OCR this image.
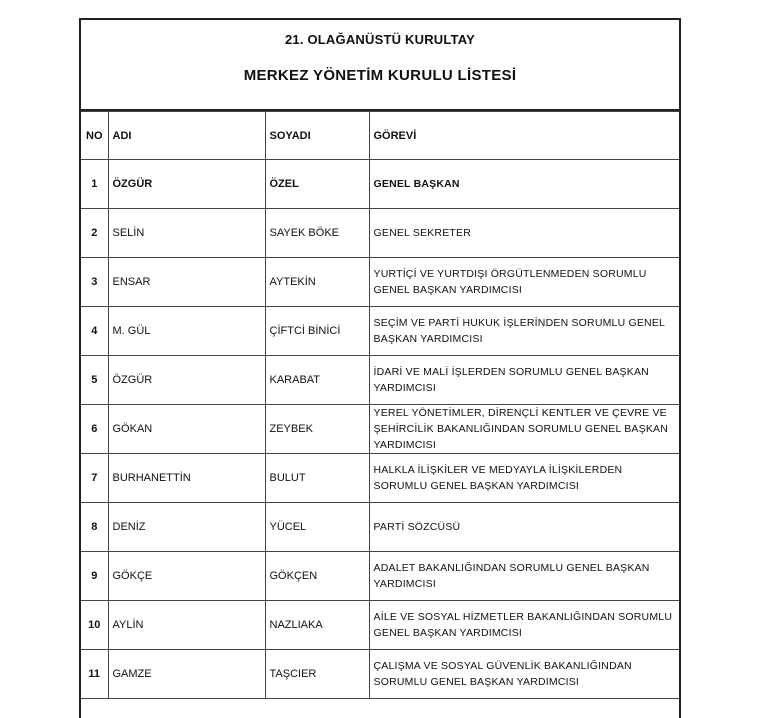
21. OLAĞANÜSTÜ KURULTAY
MERKEZ YÖNETİM KURULU LİSTESİ
NO	ADI	SOYADI	GÖREVİ
1	ÖZGÜR	ÖZEL	GENEL BAŞKAN
2	SELİN	SAYEK BÖKE	GENEL SEKRETER
3	ENSAR	AYTEKİN	YURTİÇİ VE YURTDIŞI ÖRGÜTLENMEDEN SORUMLU GENEL BAŞKAN YARDIMCISI
4	M. GÜL	ÇİFTCİ BİNİCİ	SEÇİM VE PARTİ HUKUK İŞLERİNDEN SORUMLU GENEL BAŞKAN YARDIMCISI
5	ÖZGÜR	KARABAT	İDARİ VE MALİ İŞLERDEN SORUMLU GENEL BAŞKAN YARDIMCISI
6	GÖKAN	ZEYBEK	YEREL YÖNETİMLER, DİRENÇLİ KENTLER VE ÇEVRE VE ŞEHİRCİLİK BAKANLIĞINDAN SORUMLU GENEL BAŞKAN YARDIMCISI
7	BURHANETTİN	BULUT	HALKLA İLİŞKİLER VE MEDYAYLA İLİŞKİLERDEN SORUMLU GENEL BAŞKAN YARDIMCISI
8	DENİZ	YÜCEL	PARTİ SÖZCÜSÜ
9	GÖKÇE	GÖKÇEN	ADALET BAKANLIĞINDAN SORUMLU GENEL BAŞKAN YARDIMCISI
10	AYLİN	NAZLIAKA	AİLE VE SOSYAL HİZMETLER BAKANLIĞINDAN SORUMLU GENEL BAŞKAN YARDIMCISI
11	GAMZE	TAŞCIER	ÇALIŞMA VE SOSYAL GÜVENLİK BAKANLIĞINDAN SORUMLU GENEL BAŞKAN YARDIMCISI
